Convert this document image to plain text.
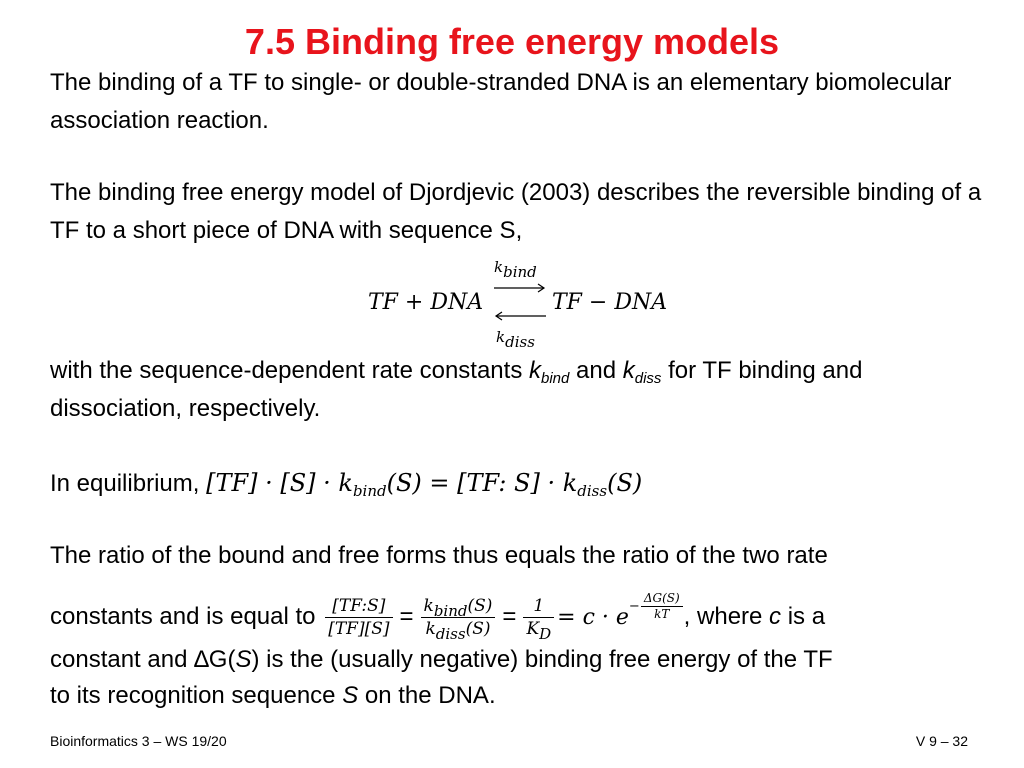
7.5 Binding free energy models
The binding of a TF to single- or double-stranded DNA is an elementary biomolecular association reaction.
The binding free energy model of Djordjevic (2003) describes the reversible binding of a TF to a short piece of DNA with sequence S,
$k_{bind}$
$k_{diss}$
TF + DNA	TF − DNA
with the sequence-dependent rate constants $k_{bind}$ and $k_{diss}$ for TF binding and dissociation, respectively.
In equilibrium, $[TF] \cdot [S] \cdot k_{bind}(S) = [TF$: $S] \cdot k_{diss}(S)$
The ratio of the bound and free forms thus equals the ratio of the two rate
constants and is equal to $\frac{[TF:S]}{[TF][S]} = \frac{k_{bind}(S)}{k_{diss}(S)} = \frac{1}{K_D} = c \cdot e- \frac{\Delta G(S)}{kT}$ , where c is a
constant and ∆G(S) is the (usually negative) binding free energy of the TF
to its recognition sequence S on the DNA.
Bioinformatics 3 – WS 19/20	V 9 – 32
